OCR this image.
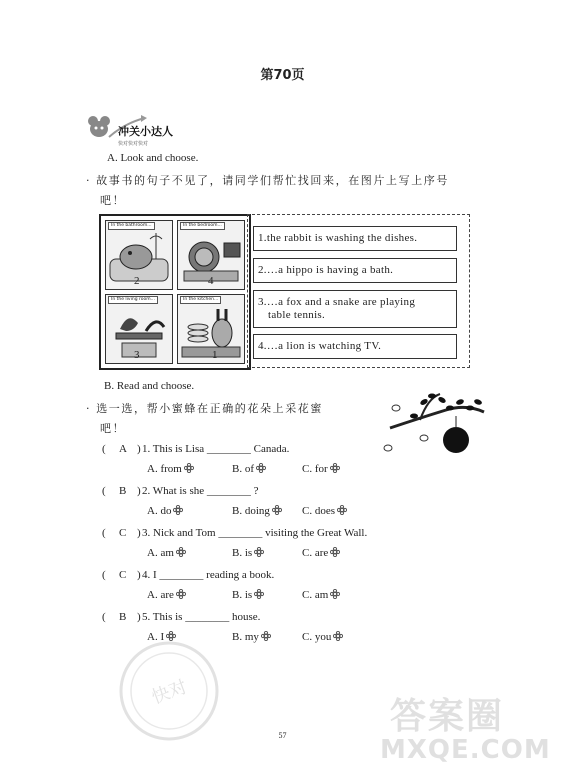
第70页
冲关小达人
快对快对快对
A. Look and choose.
· 故事书的句子不见了，请同学们帮忙找回来，在图片上写上序号
吧！
In the bathroom...
2
In the bedroom...
4
In the living room...
3
In the kitchen...
1
1.the rabbit is washing the dishes.
2.…a hippo is having a bath.
3.…a fox and a snake are playing
table tennis.
4.…a lion is watching TV.
B. Read and choose.
· 选一选，帮小蜜蜂在正确的花朵上采花蜜
吧！
( A ) 1. This is Lisa ________ Canada.
A. from	B. of	C. for
( B ) 2. What is she ________ ?
A. do	B. doing	C. does
( C ) 3. Nick and Tom ________ visiting the Great Wall.
A. am	B. is	C. are
( C ) 4. I ________ reading a book.
A. are	B. is	C. am
( B ) 5. This is ________ house.
A. I	B. my	C. you
快对
答案圈
MXQE.COM
57
